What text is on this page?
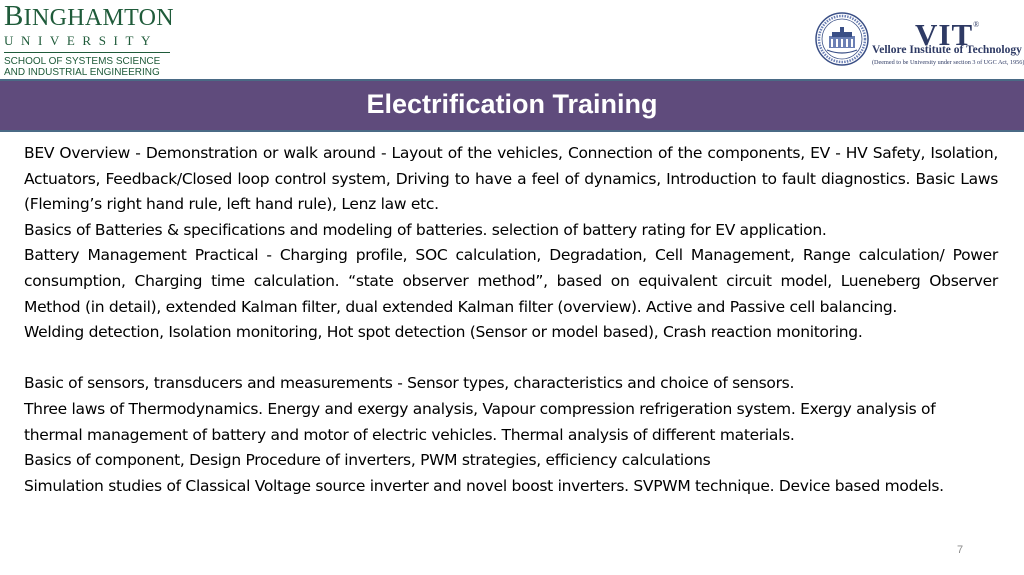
BINGHAMTON
UNIVERSITY
SCHOOL OF SYSTEMS SCIENCE
AND INDUSTRIAL ENGINEERING
VIT®
Vellore Institute of Technology
(Deemed to be University under section 3 of UGC Act, 1956)
Electrification Training

BEV Overview - Demonstration or walk around - Layout of the vehicles, Connection of the components, EV - HV Safety, Isolation, Actuators, Feedback/Closed loop control system, Driving to have a feel of dynamics, Introduction to fault diagnostics. Basic Laws (Fleming’s right hand rule, left hand rule), Lenz law etc.

Basics of Batteries & specifications and modeling of batteries. selection of battery rating for EV application.

Battery Management Practical - Charging profile, SOC calculation, Degradation, Cell Management, Range calculation/ Power consumption, Charging time calculation. “state observer method”, based on equivalent circuit model, Lueneberg Observer Method (in detail), extended Kalman filter, dual extended Kalman filter (overview). Active and Passive cell balancing.

Welding detection, Isolation monitoring, Hot spot detection (Sensor or model based), Crash reaction monitoring.

Basic of sensors, transducers and measurements - Sensor types, characteristics and choice of sensors.

Three laws of Thermodynamics. Energy and exergy analysis, Vapour compression refrigeration system. Exergy analysis of thermal management of battery and motor of electric vehicles. Thermal analysis of different materials.

Basics of component, Design Procedure of inverters, PWM strategies, efficiency calculations

Simulation studies of Classical Voltage source inverter and novel boost inverters. SVPWM technique. Device based models.

7
